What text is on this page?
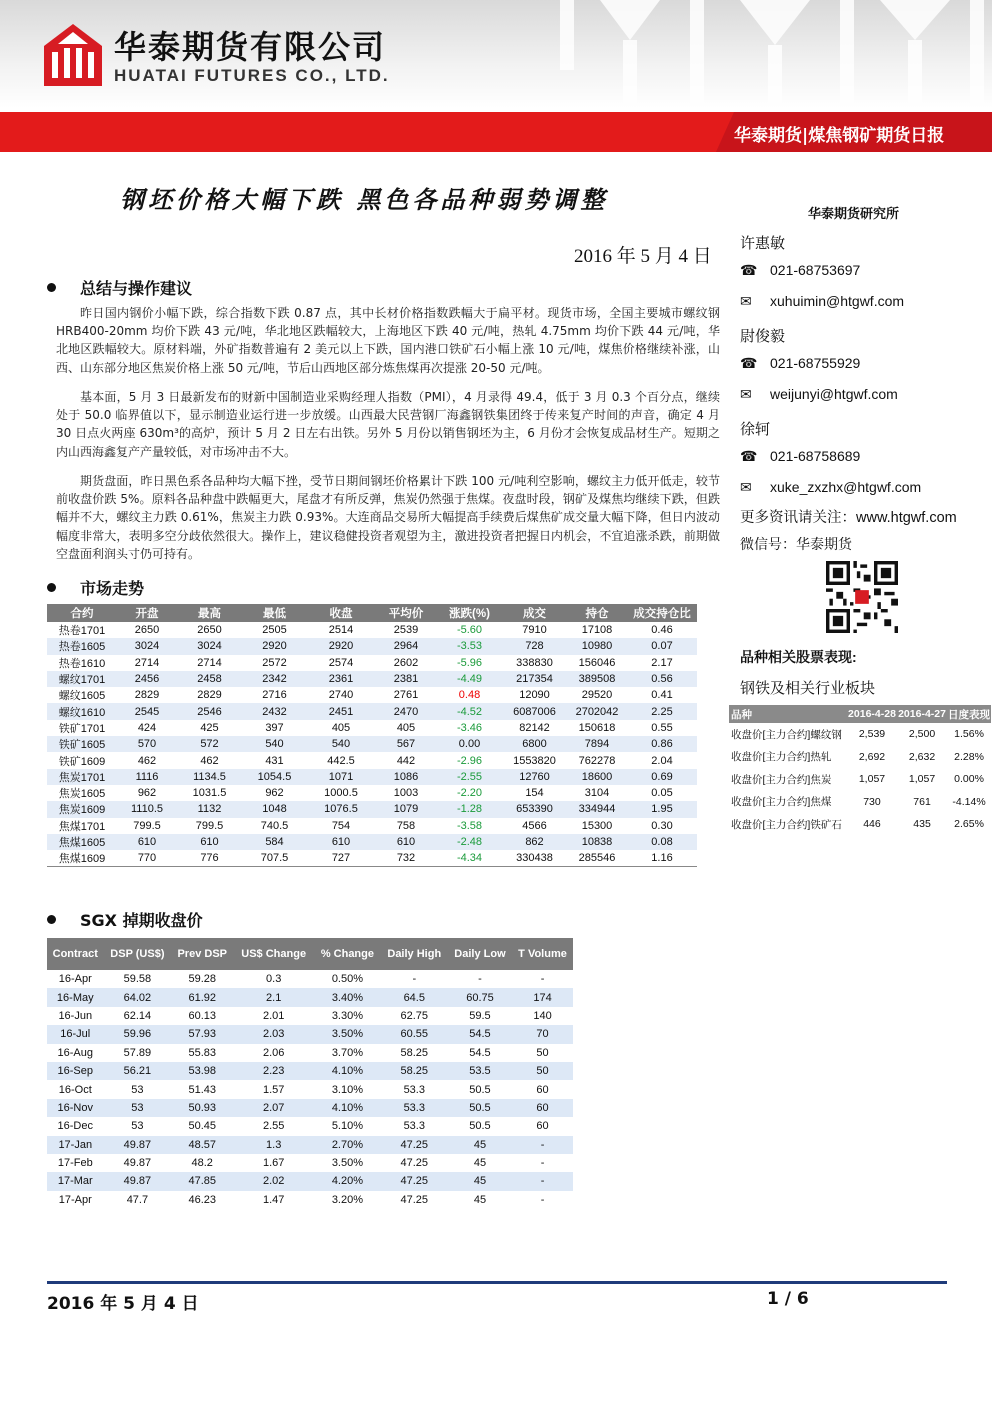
华泰期货有限公司
HUATAI FUTURES CO., LTD.
华泰期货|煤焦钢矿期货日报
钢坯价格大幅下跌 黑色各品种弱势调整
2016 年 5 月 4 日
华泰期货研究所
许惠敏
☎ 021-68753697
✉ xuhuimin@htgwf.com
尉俊毅
☎ 021-68755929
✉ weijunyi@htgwf.com
徐轲
☎ 021-68758689
✉ xuke_zxzhx@htgwf.com
更多资讯请关注：www.htgwf.com
微信号：华泰期货
品种相关股票表现:
钢铁及相关行业板块
品种	2016-4-28	2016-4-27	日度表现
收盘价[主力合约]螺纹钢	2,539	2,500	1.56%
收盘价[主力合约]热轧	2,692	2,632	2.28%
收盘价[主力合约]焦炭	1,057	1,057	0.00%
收盘价[主力合约]焦煤	730	761	-4.14%
收盘价[主力合约]铁矿石	446	435	2.65%
总结与操作建议
昨日国内钢价小幅下跌，综合指数下跌 0.87 点，其中长材价格指数跌幅大于扁平材。现货市场，全国主要城市螺纹钢 HRB400-20mm 均价下跌 43 元/吨，华北地区跌幅较大，上海地区下跌 40 元/吨，热轧 4.75mm 均价下跌 44 元/吨，华北地区跌幅较大。原材料端，外矿指数普遍有 2 美元以上下跌，国内港口铁矿石小幅上涨 10 元/吨，煤焦价格继续补涨，山西、山东部分地区焦炭价格上涨 50 元/吨，节后山西地区部分炼焦煤再次提涨 20-50 元/吨。
基本面，5 月 3 日最新发布的财新中国制造业采购经理人指数（PMI），4 月录得 49.4，低于 3 月 0.3 个百分点，继续处于 50.0 临界值以下，显示制造业运行进一步放缓。山西最大民营钢厂海鑫钢铁集团终于传来复产时间的声音，确定 4 月 30 日点火两座 630m³的高炉，预计 5 月 2 日左右出铁。另外 5 月份以销售钢坯为主，6 月份才会恢复成品材生产。短期之内山西海鑫复产产量较低，对市场冲击不大。
期货盘面，昨日黑色系各品种均大幅下挫，受节日期间钢坯价格累计下跌 100 元/吨利空影响，螺纹主力低开低走，较节前收盘价跌 5%。原料各品种盘中跌幅更大，尾盘才有所反弹，焦炭仍然强于焦煤。夜盘时段，钢矿及煤焦均继续下跌，但跌幅并不大，螺纹主力跌 0.61%，焦炭主力跌 0.93%。大连商品交易所大幅提高手续费后煤焦矿成交量大幅下降，但日内波动幅度非常大，表明多空分歧依然很大。操作上，建议稳健投资者观望为主，激进投资者把握日内机会，不宜追涨杀跌，前期做空盘面利润头寸仍可持有。
市场走势
合约	开盘	最高	最低	收盘	平均价	涨跌(%)	成交	持仓	成交持仓比
热卷1701	2650	2650	2505	2514	2539	-5.60	7910	17108	0.46
热卷1605	3024	3024	2920	2920	2964	-3.53	728	10980	0.07
热卷1610	2714	2714	2572	2574	2602	-5.96	338830	156046	2.17
螺纹1701	2456	2458	2342	2361	2381	-4.49	217354	389508	0.56
螺纹1605	2829	2829	2716	2740	2761	0.48	12090	29520	0.41
螺纹1610	2545	2546	2432	2451	2470	-4.52	6087006	2702042	2.25
铁矿1701	424	425	397	405	405	-3.46	82142	150618	0.55
铁矿1605	570	572	540	540	567	0.00	6800	7894	0.86
铁矿1609	462	462	431	442.5	442	-2.96	1553820	762278	2.04
焦炭1701	1116	1134.5	1054.5	1071	1086	-2.55	12760	18600	0.69
焦炭1605	962	1031.5	962	1000.5	1003	-2.20	154	3104	0.05
焦炭1609	1110.5	1132	1048	1076.5	1079	-1.28	653390	334944	1.95
焦煤1701	799.5	799.5	740.5	754	758	-3.58	4566	15300	0.30
焦煤1605	610	610	584	610	610	-2.48	862	10838	0.08
焦煤1609	770	776	707.5	727	732	-4.34	330438	285546	1.16
SGX 掉期收盘价
Contract	DSP (US$)	Prev DSP	US$ Change	% Change	Daily High	Daily Low	T Volume
16-Apr	59.58	59.28	0.3	0.50%	-	-	-
16-May	64.02	61.92	2.1	3.40%	64.5	60.75	174
16-Jun	62.14	60.13	2.01	3.30%	62.75	59.5	140
16-Jul	59.96	57.93	2.03	3.50%	60.55	54.5	70
16-Aug	57.89	55.83	2.06	3.70%	58.25	54.5	50
16-Sep	56.21	53.98	2.23	4.10%	58.25	53.5	50
16-Oct	53	51.43	1.57	3.10%	53.3	50.5	60
16-Nov	53	50.93	2.07	4.10%	53.3	50.5	60
16-Dec	53	50.45	2.55	5.10%	53.3	50.5	60
17-Jan	49.87	48.57	1.3	2.70%	47.25	45	-
17-Feb	49.87	48.2	1.67	3.50%	47.25	45	-
17-Mar	49.87	47.85	2.02	4.20%	47.25	45	-
17-Apr	47.7	46.23	1.47	3.20%	47.25	45	-
2016 年 5 月 4 日	1 / 6
